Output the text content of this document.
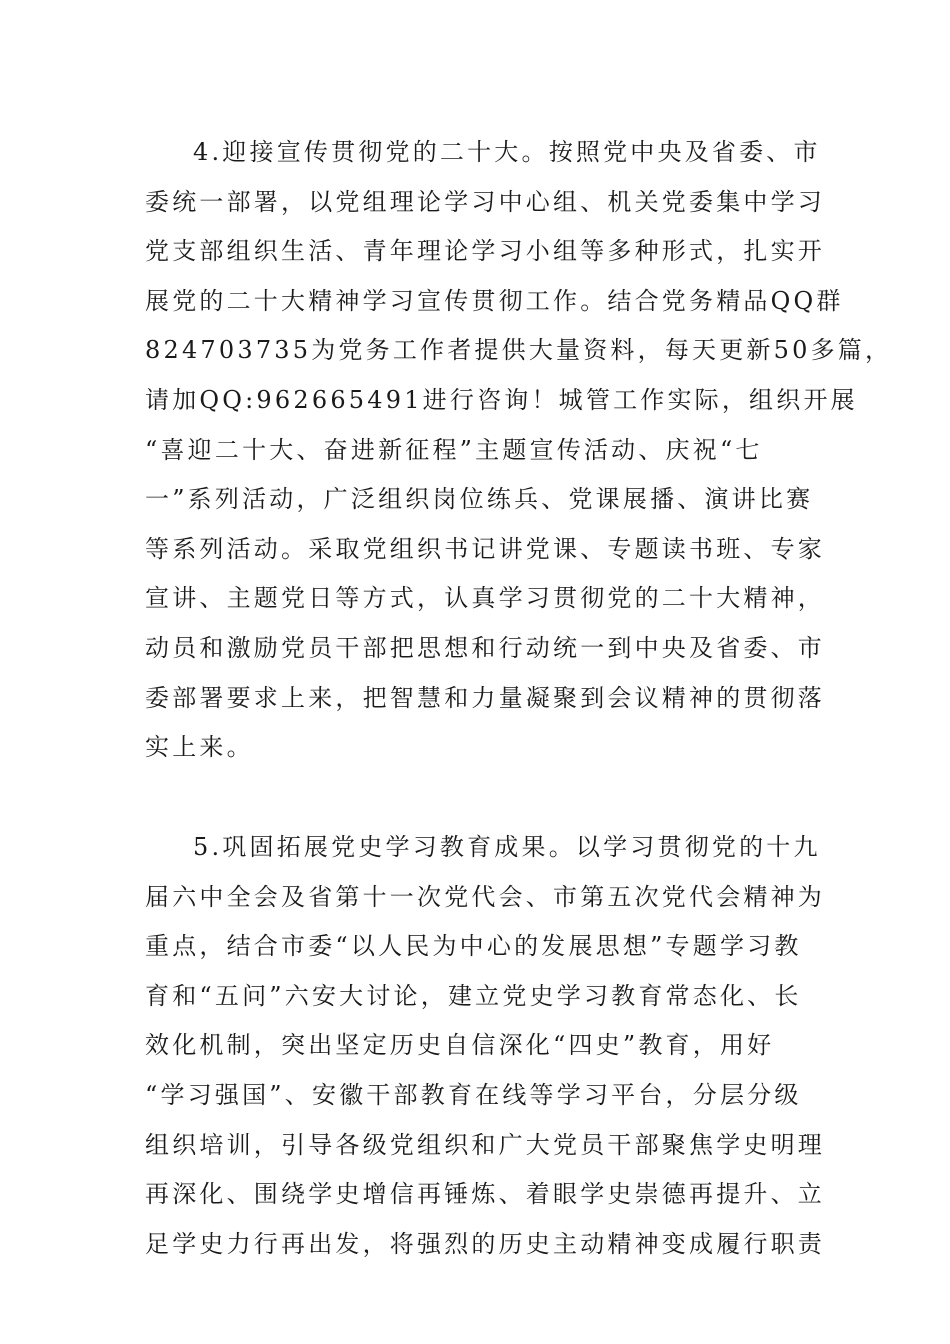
4.迎接宣传贯彻党的二十大。按照党中央及省委、市
委统一部署，以党组理论学习中心组、机关党委集中学习
党支部组织生活、青年理论学习小组等多种形式，扎实开
展党的二十大精神学习宣传贯彻工作。结合党务精品QQ群
824703735为党务工作者提供大量资料，每天更新50多篇，
请加QQ:962665491进行咨询！城管工作实际，组织开展
“喜迎二十大、奋进新征程”主题宣传活动、庆祝“七
一”系列活动，广泛组织岗位练兵、党课展播、演讲比赛
等系列活动。采取党组织书记讲党课、专题读书班、专家
宣讲、主题党日等方式，认真学习贯彻党的二十大精神，
动员和激励党员干部把思想和行动统一到中央及省委、市
委部署要求上来，把智慧和力量凝聚到会议精神的贯彻落
实上来。
5.巩固拓展党史学习教育成果。以学习贯彻党的十九
届六中全会及省第十一次党代会、市第五次党代会精神为
重点，结合市委“以人民为中心的发展思想”专题学习教
育和“五问”六安大讨论，建立党史学习教育常态化、长
效化机制，突出坚定历史自信深化“四史”教育，用好
“学习强国”、安徽干部教育在线等学习平台，分层分级
组织培训，引导各级党组织和广大党员干部聚焦学史明理
再深化、围绕学史增信再锤炼、着眼学史崇德再提升、立
足学史力行再出发，将强烈的历史主动精神变成履行职责
